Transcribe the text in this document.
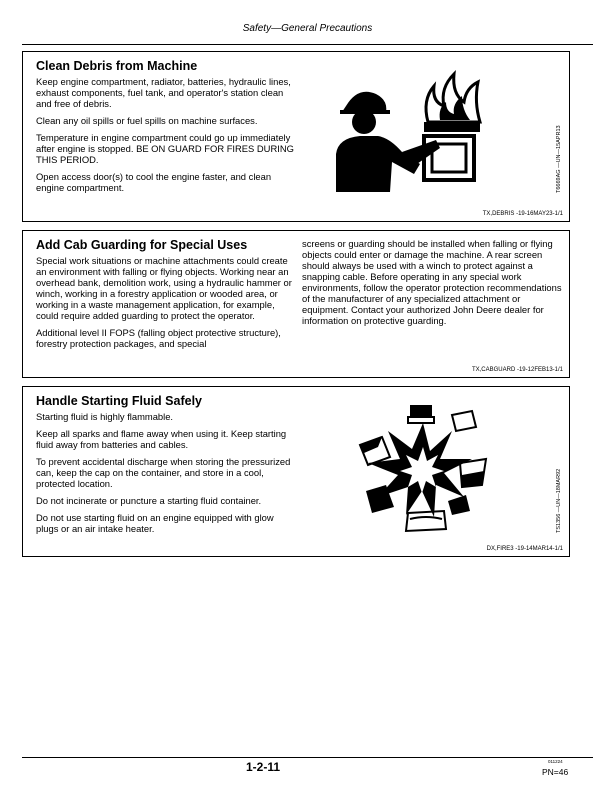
Safety—General Precautions
Clean Debris from Machine

Keep engine compartment, radiator, batteries, hydraulic lines, exhaust components, fuel tank, and operator's station clean and free of debris.

Clean any oil spills or fuel spills on machine surfaces.

Temperature in engine compartment could go up immediately after engine is stopped. BE ON GUARD FOR FIRES DURING THIS PERIOD.

Open access door(s) to cool the engine faster, and clean engine compartment.	T6669AG —UN—15APR13
TX,DEBRIS -19-16MAY23-1/1
Add Cab Guarding for Special Uses

Special work situations or machine attachments could create an environment with falling or flying objects. Working near an overhead bank, demolition work, using a hydraulic hammer or winch, working in a forestry application or wooded area, or working in a waste management application, for example, could require added guarding to protect the operator.

Additional level II FOPS (falling object protective structure), forestry protection packages, and special

screens or guarding should be installed when falling or flying objects could enter or damage the machine. A rear screen should always be used with a winch to protect against a snapping cable. Before operating in any special work environments, follow the operator protection recommendations of the manufacturer of any specialized attachment or equipment. Contact your authorized John Deere dealer for information on protective guarding.

TX,CABGUARD -19-12FEB13-1/1
Handle Starting Fluid Safely

Starting fluid is highly flammable.

Keep all sparks and flame away when using it. Keep starting fluid away from batteries and cables.

To prevent accidental discharge when storing the pressurized can, keep the cap on the container, and store in a cool, protected location.

Do not incinerate or puncture a starting fluid container.

Do not use starting fluid on an engine equipped with glow plugs or an air intake heater.	TS1356 —UN—18MAR92
DX,FIRE3 -19-14MAR14-1/1
1-2-11	011224
PN=46
